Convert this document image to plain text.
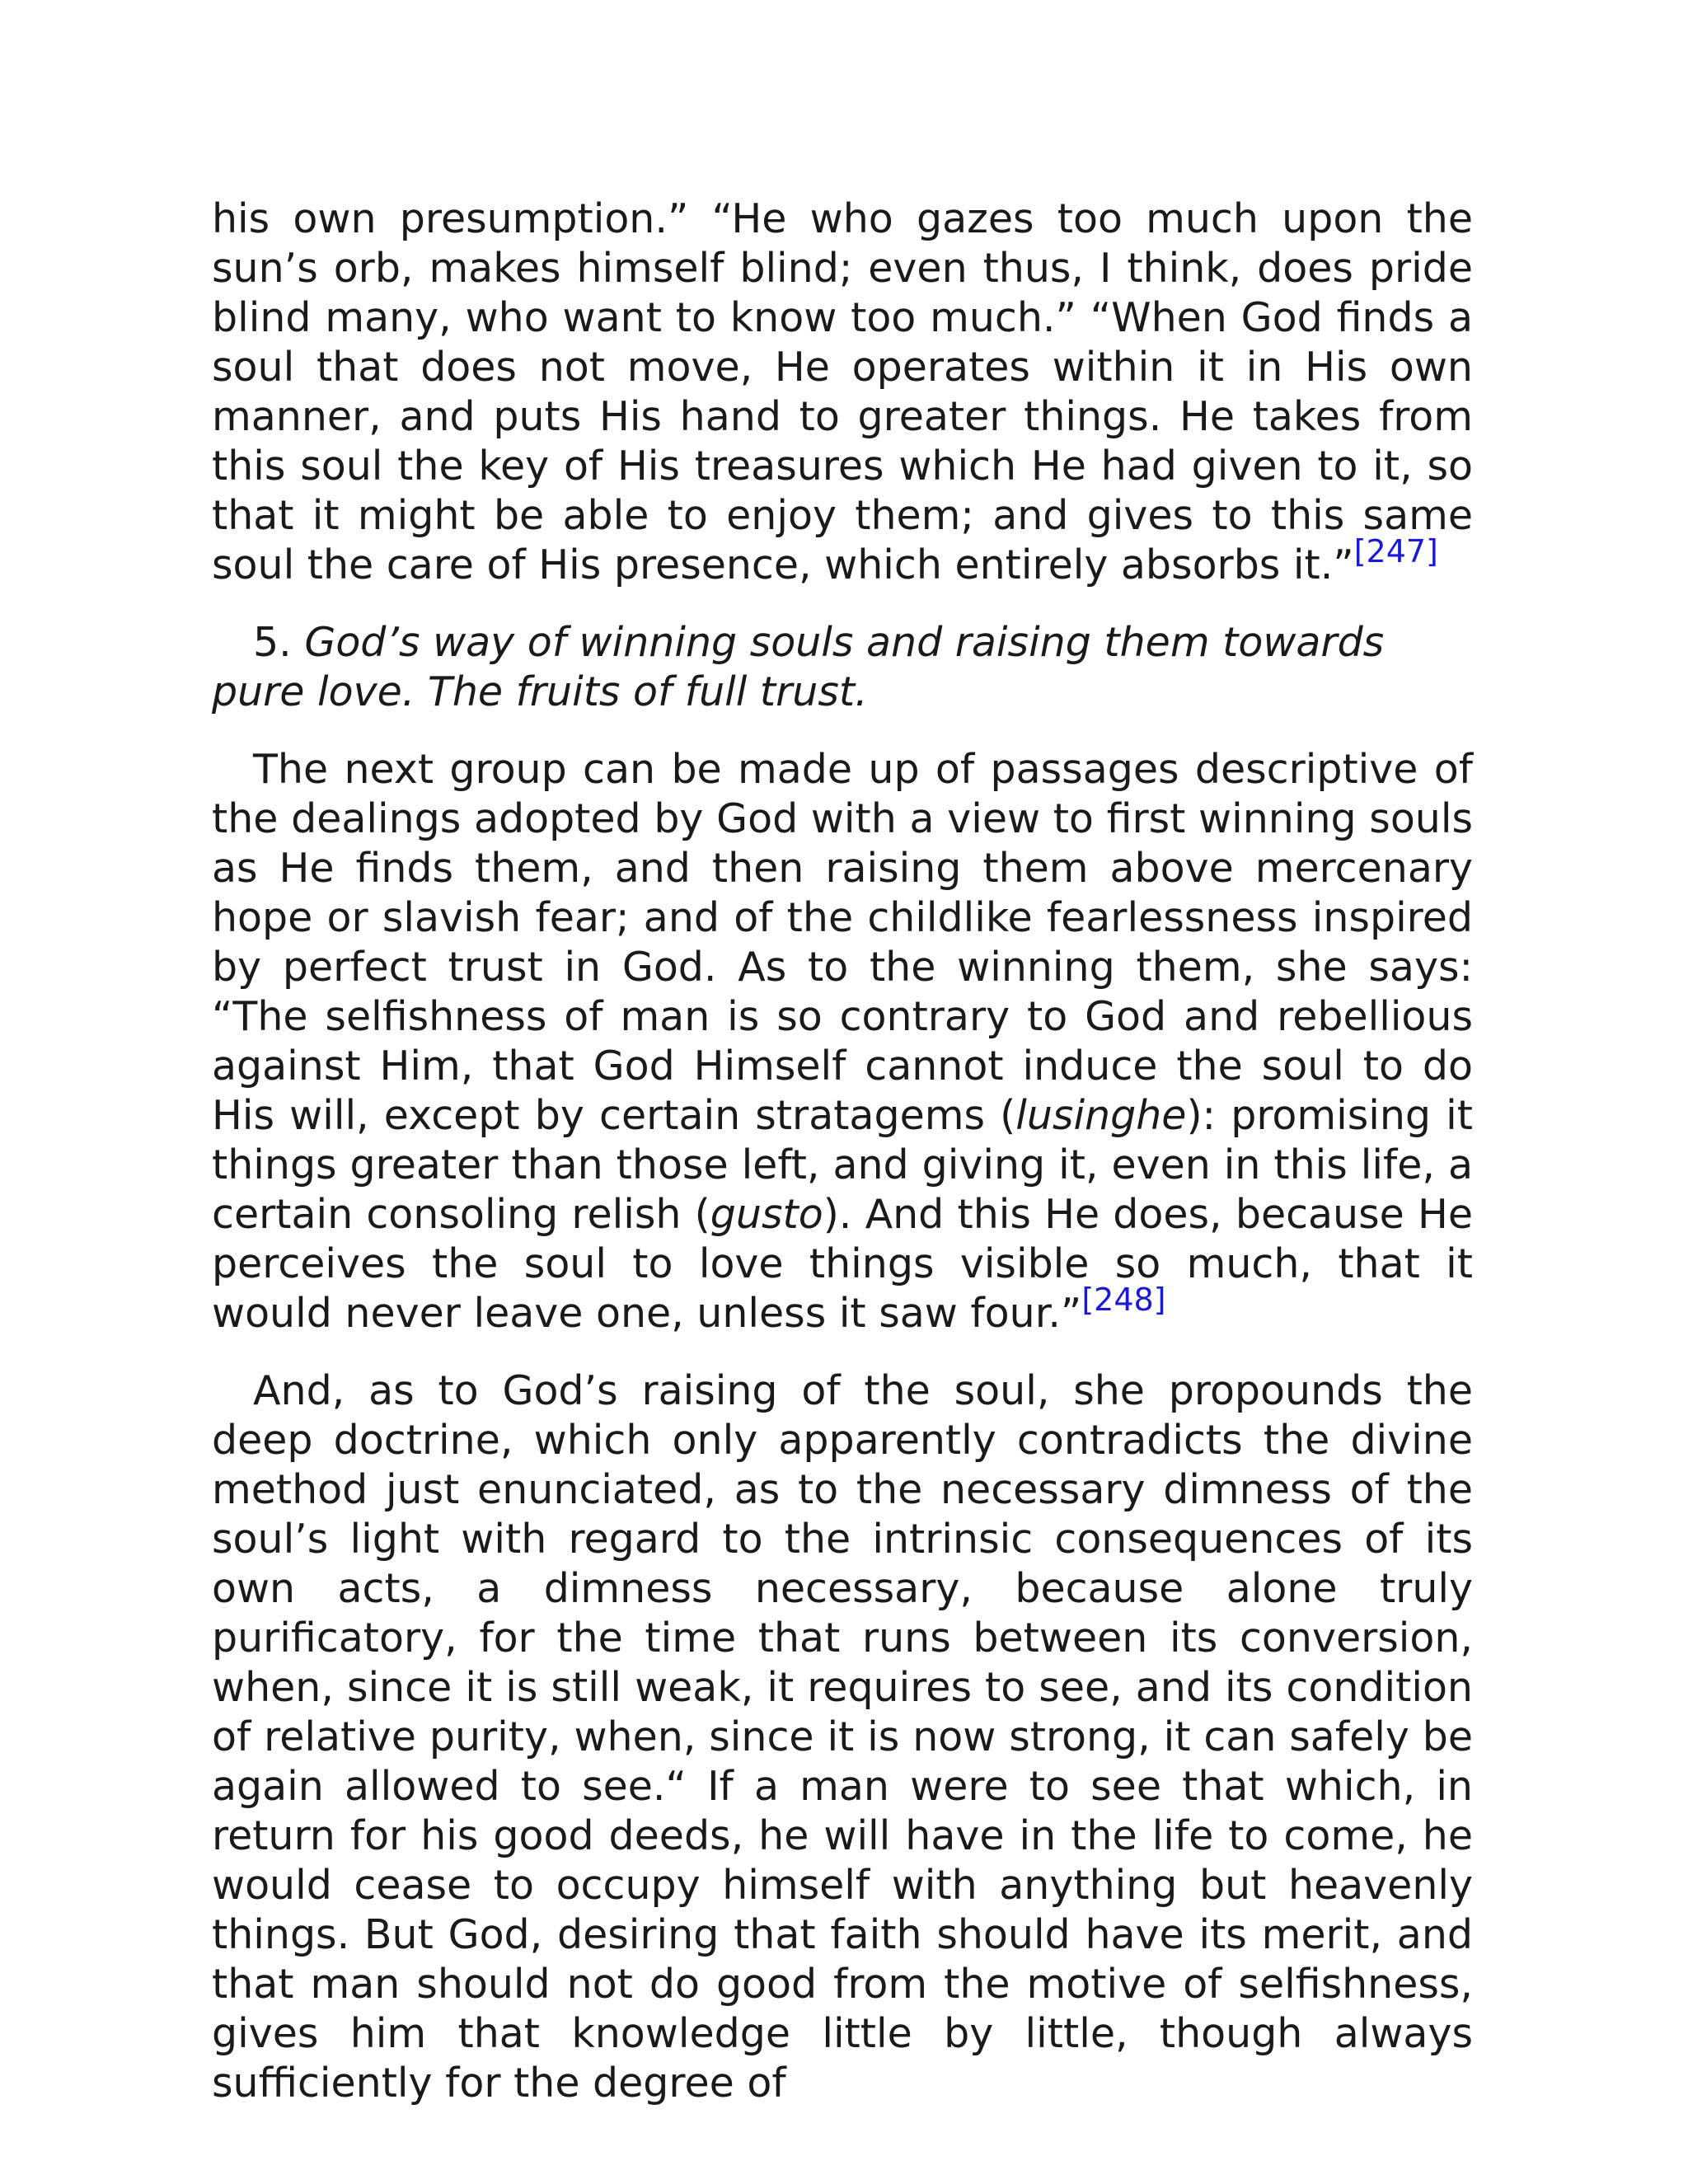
his own presumption.” “He who gazes too much upon the sun’s orb, makes himself blind; even thus, I think, does pride blind many, who want to know too much.” “When God finds a soul that does not move, He operates within it in His own manner, and puts His hand to greater things. He takes from this soul the key of His treasures which He had given to it, so that it might be able to enjoy them; and gives to this same soul the care of His presence, which entirely absorbs it.”[247]

5. God’s way of winning souls and raising them towards pure love. The fruits of full trust.

The next group can be made up of passages descriptive of the dealings adopted by God with a view to first winning souls as He finds them, and then raising them above mercenary hope or slavish fear; and of the childlike fearlessness inspired by perfect trust in God. As to the winning them, she says: “The selfishness of man is so contrary to God and rebellious against Him, that God Himself cannot induce the soul to do His will, except by certain stratagems (lusinghe): promising it things greater than those left, and giving it, even in this life, a certain consoling relish (gusto). And this He does, because He perceives the soul to love things visible so much, that it would never leave one, unless it saw four.”[248]

And, as to God’s raising of the soul, she propounds the deep doctrine, which only apparently contradicts the divine method just enunciated, as to the necessary dimness of the soul’s light with regard to the intrinsic consequences of its own acts, a dimness necessary, because alone truly purificatory, for the time that runs between its conversion, when, since it is still weak, it requires to see, and its condition of relative purity, when, since it is now strong, it can safely be again allowed to see.“ If a man were to see that which, in return for his good deeds, he will have in the life to come, he would cease to occupy himself with anything but heavenly things. But God, desiring that faith should have its merit, and that man should not do good from the motive of selfishness, gives him that knowledge little by little, though always sufficiently for the degree of
